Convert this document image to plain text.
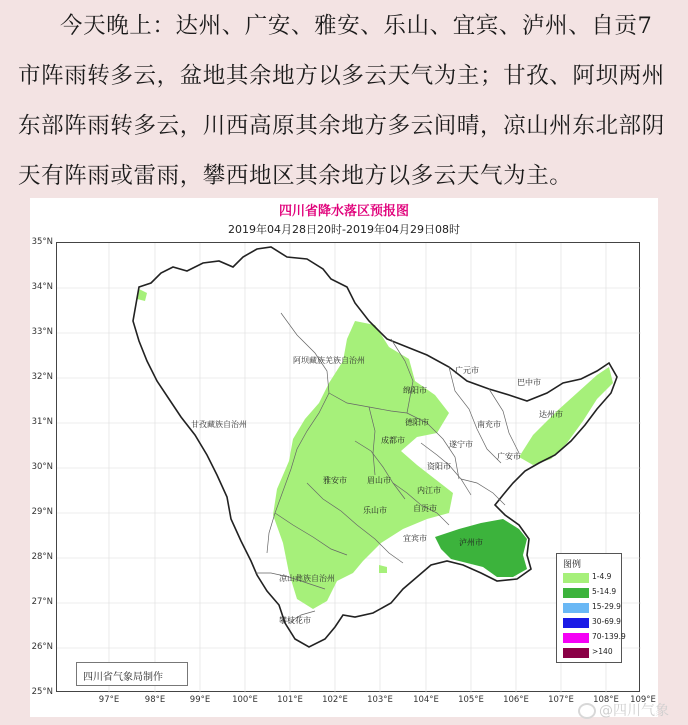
今天晚上：达州、广安、雅安、乐山、宜宾、泸州、自贡7
市阵雨转多云，盆地其余地方以多云天气为主；甘孜、阿坝两州
东部阵雨转多云，川西高原其余地方多云间晴，凉山州东北部阴
天有阵雨或雷雨，攀西地区其余地方以多云天气为主。
四川省降水落区预报图
2019年04月28日20时-2019年04月29日08时
35°N
34°N
33°N
32°N
31°N
30°N
29°N
28°N
27°N
26°N
25°N
97°E	98°E	99°E	100°E	101°E	102°E	103°E	104°E	105°E	106°E	107°E	108°E	109°E
阿坝藏族羌族自治州
甘孜藏族自治州
凉山彝族自治州
广元市
巴中市
绵阳市
达州市
德阳市	南充市
成都市	遂宁市
广安市
资阳市
雅安市	眉山市
内江市
乐山市	自贡市
宜宾市	泸州市
攀枝花市
图例
1-4.9
5-14.9
15-29.9
30-69.9
70-139.9
>140
四川省气象局制作
@四川气象
